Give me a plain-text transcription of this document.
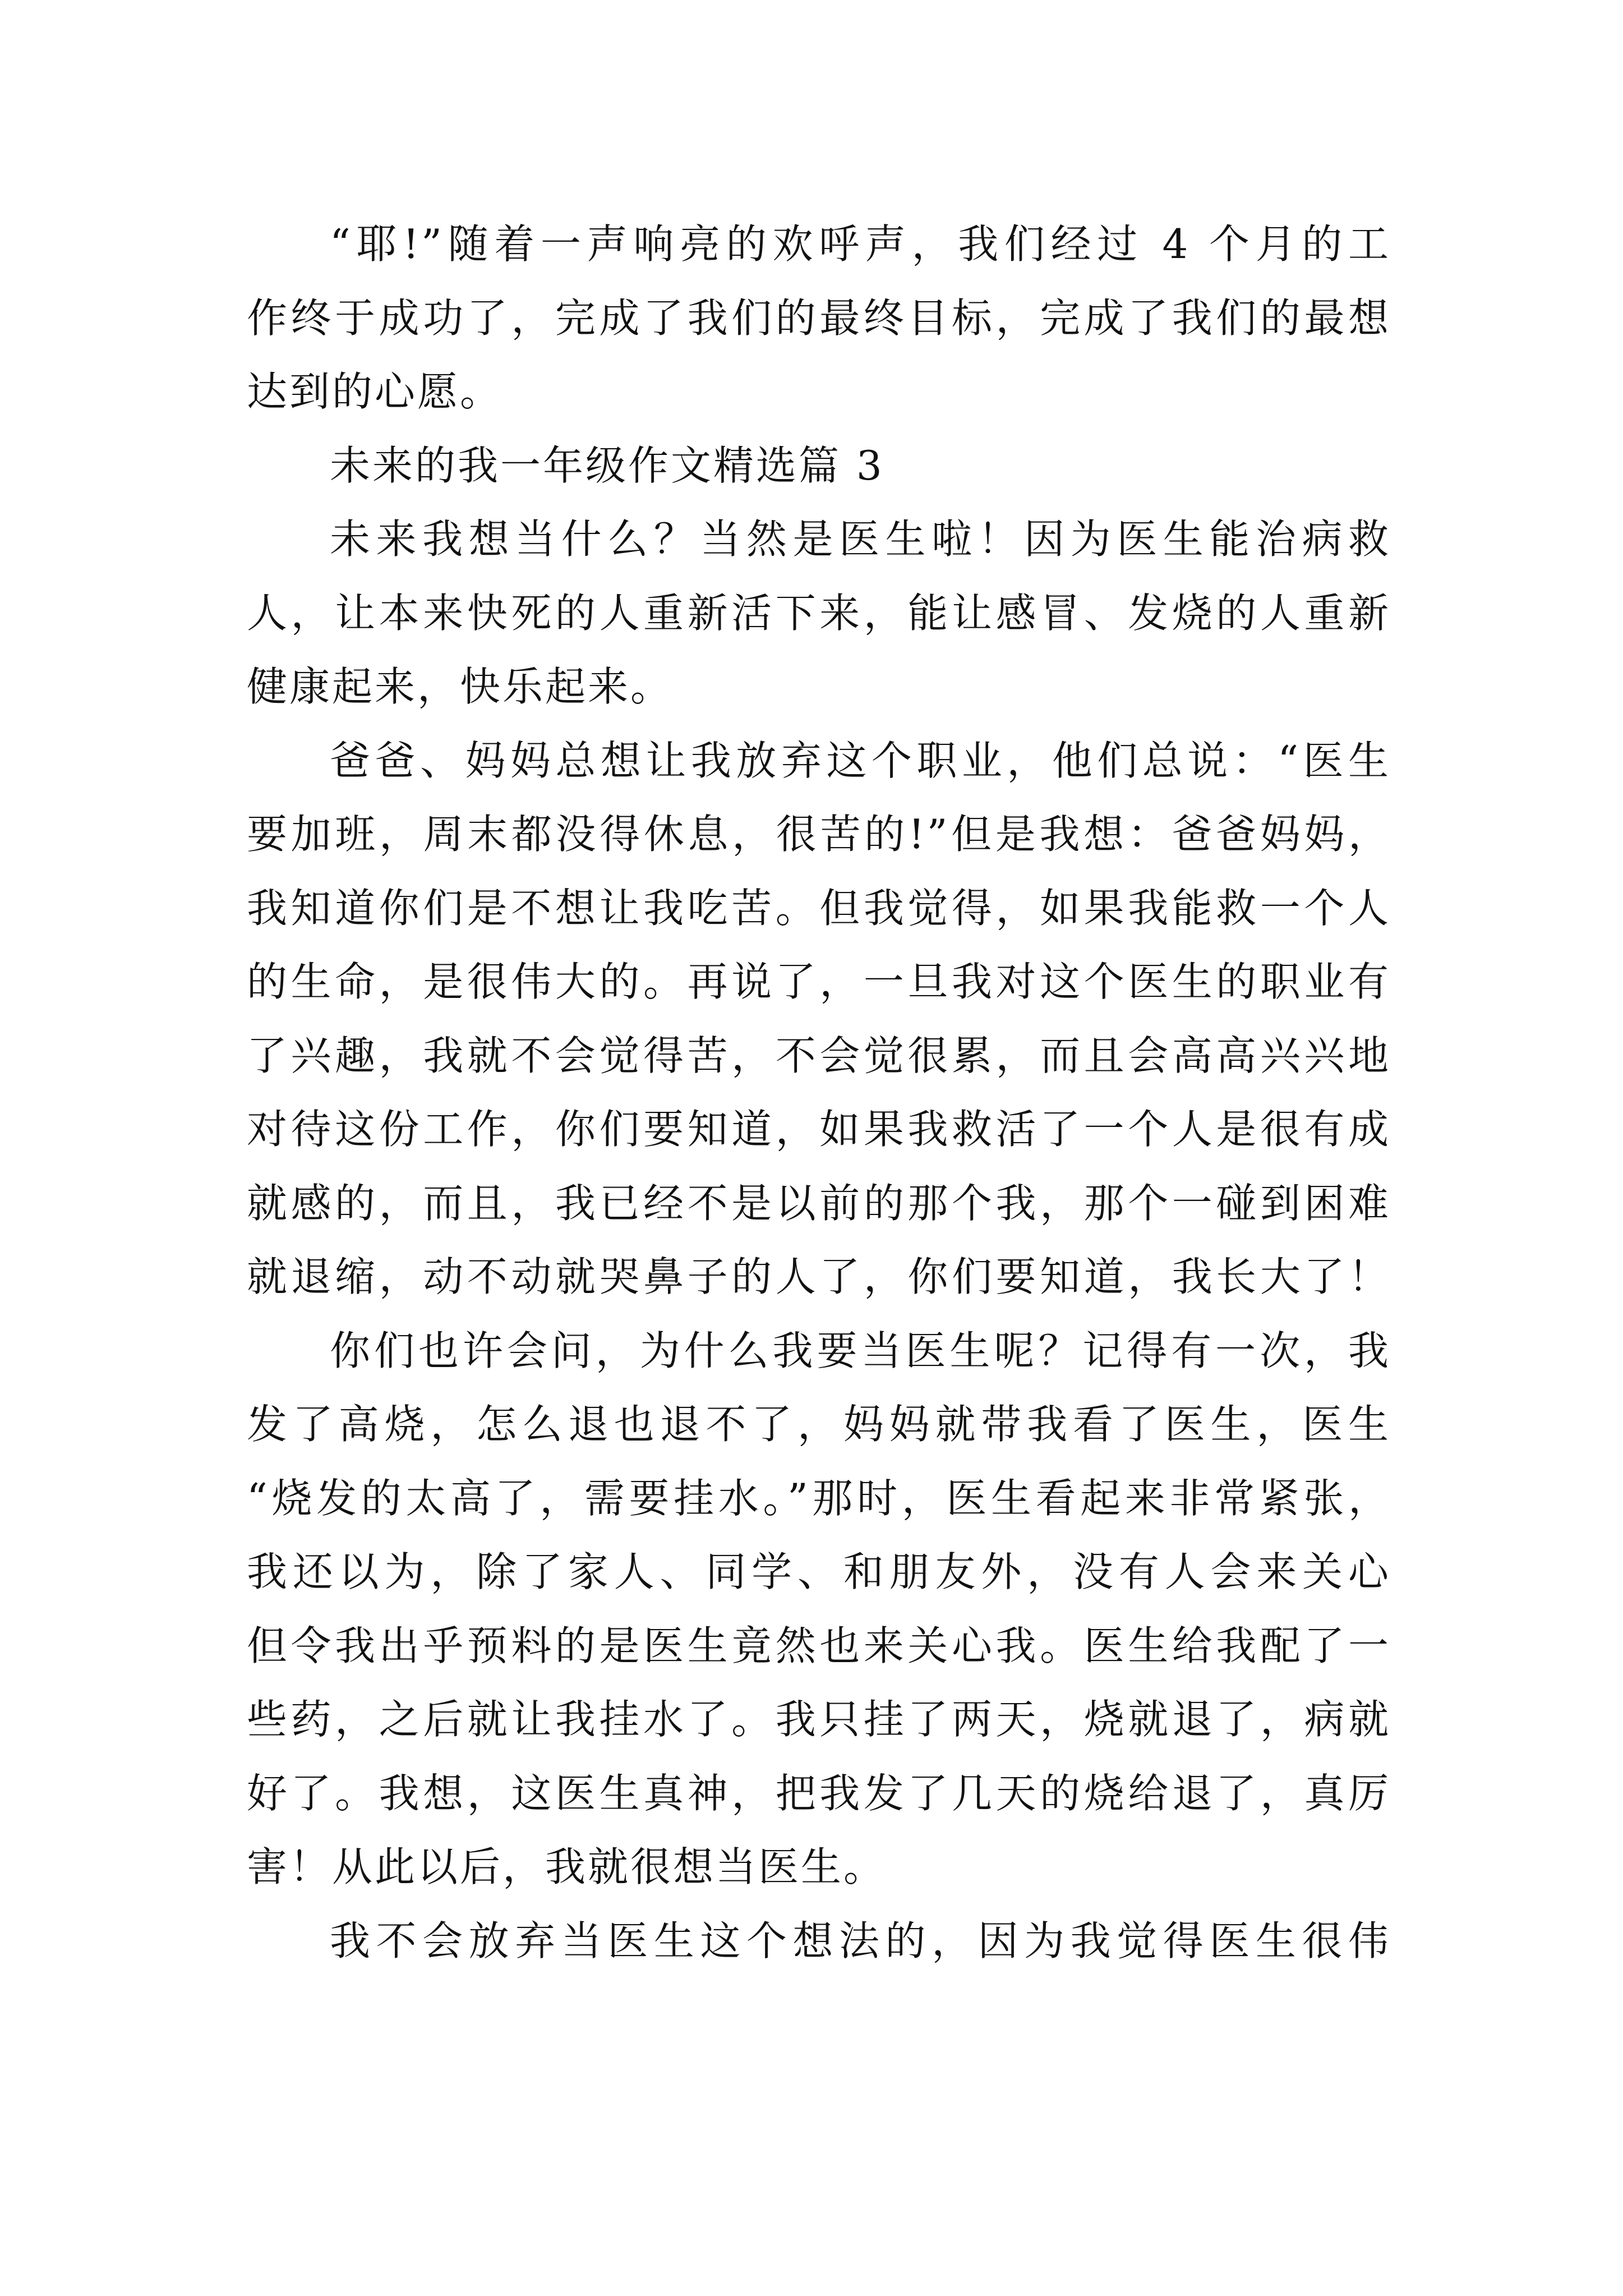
“耶!”随着一声响亮的欢呼声，我们经过 4 个月的工
作终于成功了，完成了我们的最终目标，完成了我们的最想
达到的心愿。
未来的我一年级作文精选篇 3
未来我想当什么？当然是医生啦！因为医生能治病救
人，让本来快死的人重新活下来，能让感冒、发烧的人重新
健康起来，快乐起来。
爸爸、妈妈总想让我放弃这个职业，他们总说：“医生
要加班，周末都没得休息，很苦的!”但是我想：爸爸妈妈，
我知道你们是不想让我吃苦。但我觉得，如果我能救一个人
的生命，是很伟大的。再说了，一旦我对这个医生的职业有
了兴趣，我就不会觉得苦，不会觉很累，而且会高高兴兴地
对待这份工作，你们要知道，如果我救活了一个人是很有成
就感的，而且，我已经不是以前的那个我，那个一碰到困难
就退缩，动不动就哭鼻子的人了，你们要知道，我长大了！
你们也许会问，为什么我要当医生呢？记得有一次，我
发了高烧，怎么退也退不了，妈妈就带我看了医生，医生
“烧发的太高了，需要挂水。”那时，医生看起来非常紧张，
我还以为，除了家人、同学、和朋友外，没有人会来关心
但令我出乎预料的是医生竟然也来关心我。医生给我配了一
些药，之后就让我挂水了。我只挂了两天，烧就退了，病就
好了。我想，这医生真神，把我发了几天的烧给退了，真厉
害！从此以后，我就很想当医生。
我不会放弃当医生这个想法的，因为我觉得医生很伟
